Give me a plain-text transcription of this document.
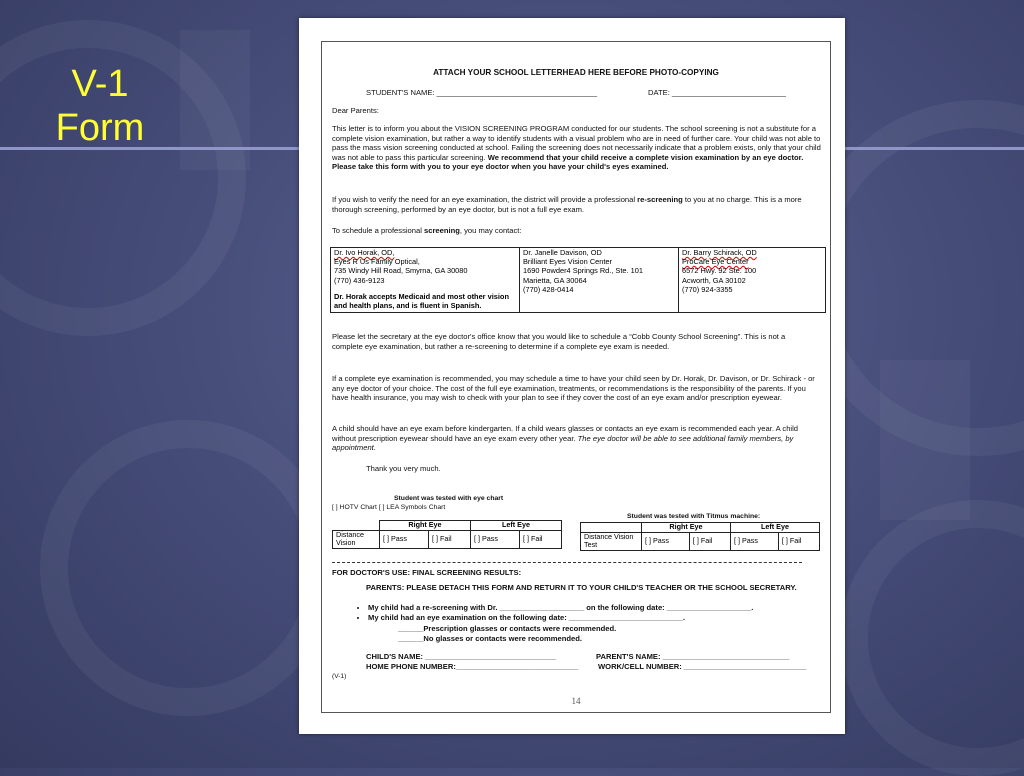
V-1
Form
ATTACH YOUR SCHOOL LETTERHEAD HERE BEFORE PHOTO-COPYING
STUDENT'S NAME: ______________________________________	DATE: ___________________________
Dear Parents:
This letter is to inform you about the VISION SCREENING PROGRAM conducted for our students. The school screening is not a substitute for a complete vision examination, but rather a way to identify students with a visual problem who are in need of further care. Your child was not able to pass the mass vision screening conducted at school. Failing the screening does not necessarily indicate that a problem exists, only that your child was not able to pass this particular screening. We recommend that your child receive a complete vision examination by an eye doctor. Please take this form with you to your eye doctor when you have your child's eyes examined.
If you wish to verify the need for an eye examination, the district will provide a professional re-screening to you at no charge. This is a more thorough screening, performed by an eye doctor, but is not a full eye exam.
To schedule a professional screening, you may contact:
Dr. Ivo Horak, OD,
Eyes R Us Family Optical,
735 Windy Hill Road, Smyrna, GA 30080
(770) 436-9123
Dr. Horak accepts Medicaid and most other vision and health plans, and is fluent in Spanish.

Dr. Janelle Davison, OD
Brilliant Eyes Vision Center
1690 Powder4 Springs Rd., Ste. 101
Marietta, GA 30064
(770) 428-0414

Dr. Barry Schirack, OD
ProCare Eye Center
6572 Hwy. 92 Ste. 100
Acworth, GA 30102
(770) 924-3355
Please let the secretary at the eye doctor's office know that you would like to schedule a “Cobb County School Screening”. This is not a complete eye examination, but rather a re-screening to determine if a complete eye exam is needed.
If a complete eye examination is recommended, you may schedule a time to have your child seen by Dr. Horak, Dr. Davison, or Dr. Schirack - or any eye doctor of your choice. The cost of the full eye examination, treatments, or recommendations is the responsibility of the parents. If you have health insurance, you may wish to check with your plan to see if they cover the cost of an eye exam and/or prescription eyewear.
A child should have an eye exam before kindergarten. If a child wears glasses or contacts an eye exam is recommended each year. A child without prescription eyewear should have an eye exam every other year. The eye doctor will be able to see additional family members, by appointment.
Thank you very much.
Student was tested with eye chart
[ ] HOTV Chart [ ] LEA Symbols Chart
	Right Eye		Left Eye	
Distance Vision	[ ] Pass	[ ] Fail	[ ] Pass	[ ] Fail
Student was tested with Titmus machine:
	Right Eye		Left Eye	
Distance Vision Test	[ ] Pass	[ ] Fail	[ ] Pass	[ ] Fail
FOR DOCTOR'S USE: FINAL SCREENING RESULTS:
PARENTS: PLEASE DETACH THIS FORM AND RETURN IT TO YOUR CHILD'S TEACHER OR THE SCHOOL SECRETARY.
• My child had a re-screening with Dr. ____________________ on the following date: ____________________.
• My child had an eye examination on the following date: ___________________________.
______Prescription glasses or contacts were recommended.
______No glasses or contacts were recommended.
CHILD'S NAME: _______________________________	PARENT'S NAME: ______________________________
HOME PHONE NUMBER:_____________________________	WORK/CELL NUMBER: _____________________________
(V-1)
14
